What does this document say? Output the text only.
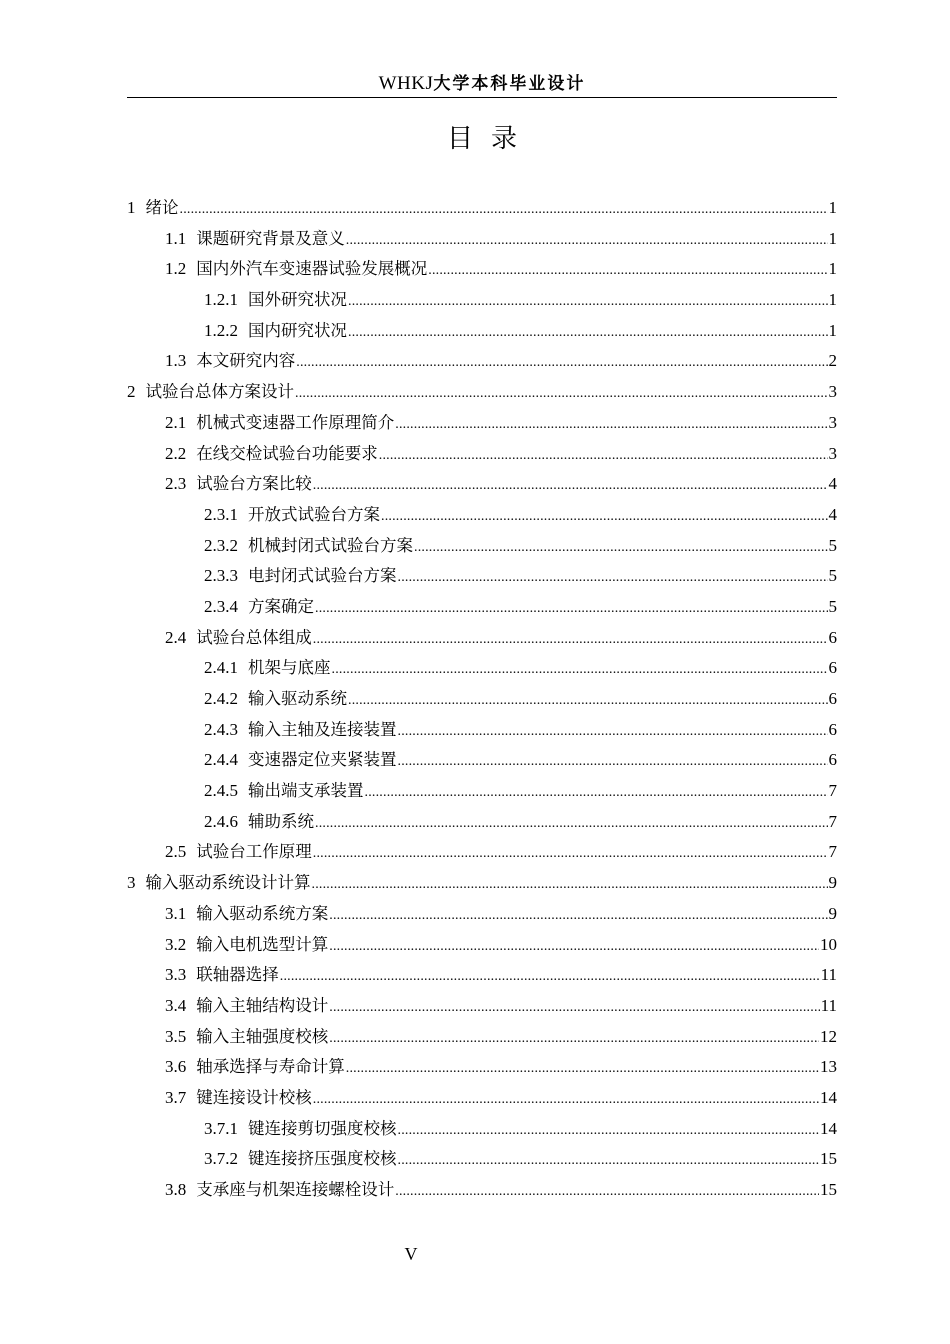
WHKJ大学本科毕业设计
目录
1 绪论 .....	1
1.1 课题研究背景及意义 .....	1
1.2 国内外汽车变速器试验发展概况 .....	1
1.2.1 国外研究状况 .....	1
1.2.2 国内研究状况 .....	1
1.3 本文研究内容 .....	2
2 试验台总体方案设计 .....	3
2.1 机械式变速器工作原理简介 .....	3
2.2 在线交检试验台功能要求 .....	3
2.3 试验台方案比较 .....	4
2.3.1 开放式试验台方案 .....	4
2.3.2 机械封闭式试验台方案 .....	5
2.3.3 电封闭式试验台方案 .....	5
2.3.4 方案确定 .....	5
2.4 试验台总体组成 .....	6
2.4.1 机架与底座 .....	6
2.4.2 输入驱动系统 .....	6
2.4.3 输入主轴及连接装置 .....	6
2.4.4 变速器定位夹紧装置 .....	6
2.4.5 输出端支承装置 .....	7
2.4.6 辅助系统 .....	7
2.5 试验台工作原理 .....	7
3 输入驱动系统设计计算 .....	9
3.1 输入驱动系统方案 .....	9
3.2 输入电机选型计算 .....	10
3.3 联轴器选择 .....	11
3.4 输入主轴结构设计 .....	11
3.5 输入主轴强度校核 .....	12
3.6 轴承选择与寿命计算 .....	13
3.7 键连接设计校核 .....	14
3.7.1 键连接剪切强度校核 .....	14
3.7.2 键连接挤压强度校核 .....	15
3.8 支承座与机架连接螺栓设计 .....	15
V
